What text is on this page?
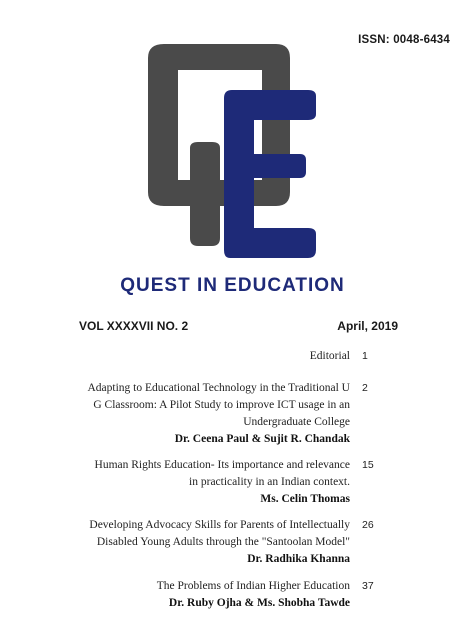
ISSN: 0048-6434
QUEST IN EDUCATION
VOL XXXXVII NO. 2	April, 2019
Editorial 1
Adapting to Educational Technology in the Traditional U
G Classroom: A Pilot Study to improve ICT usage in an
Undergraduate College
Dr. Ceena Paul & Sujit R. Chandak
2
Human Rights Education- Its importance and relevance
in practicality in an Indian context.
Ms. Celin Thomas
15
Developing Advocacy Skills for Parents of Intellectually
Disabled Young Adults through the "Santoolan Model"
Dr. Radhika Khanna
26
The Problems of Indian Higher Education
Dr. Ruby Ojha & Ms. Shobha Tawde
37
